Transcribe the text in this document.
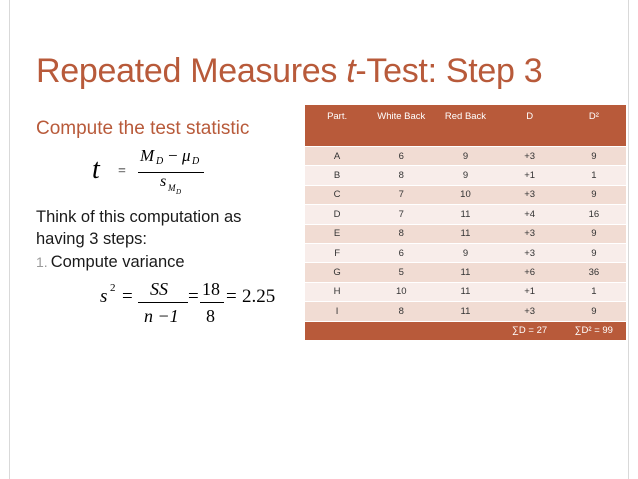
Repeated Measures t-Test: Step 3
Compute the test statistic
t =
M D − μ D
s M D
Think of this computation as having 3 steps:
1. Compute variance
s 2 = SS
n −1
= 18
8
= 2.25
Part.	White Back	Red Back	D	D²
A	6	9	+3	9
B	8	9	+1	1
C	7	10	+3	9
D	7	11	+4	16
E	8	11	+3	9
F	6	9	+3	9
G	5	11	+6	36
H	10	11	+1	1
I	8	11	+3	9
			∑D = 27	∑D² = 99
